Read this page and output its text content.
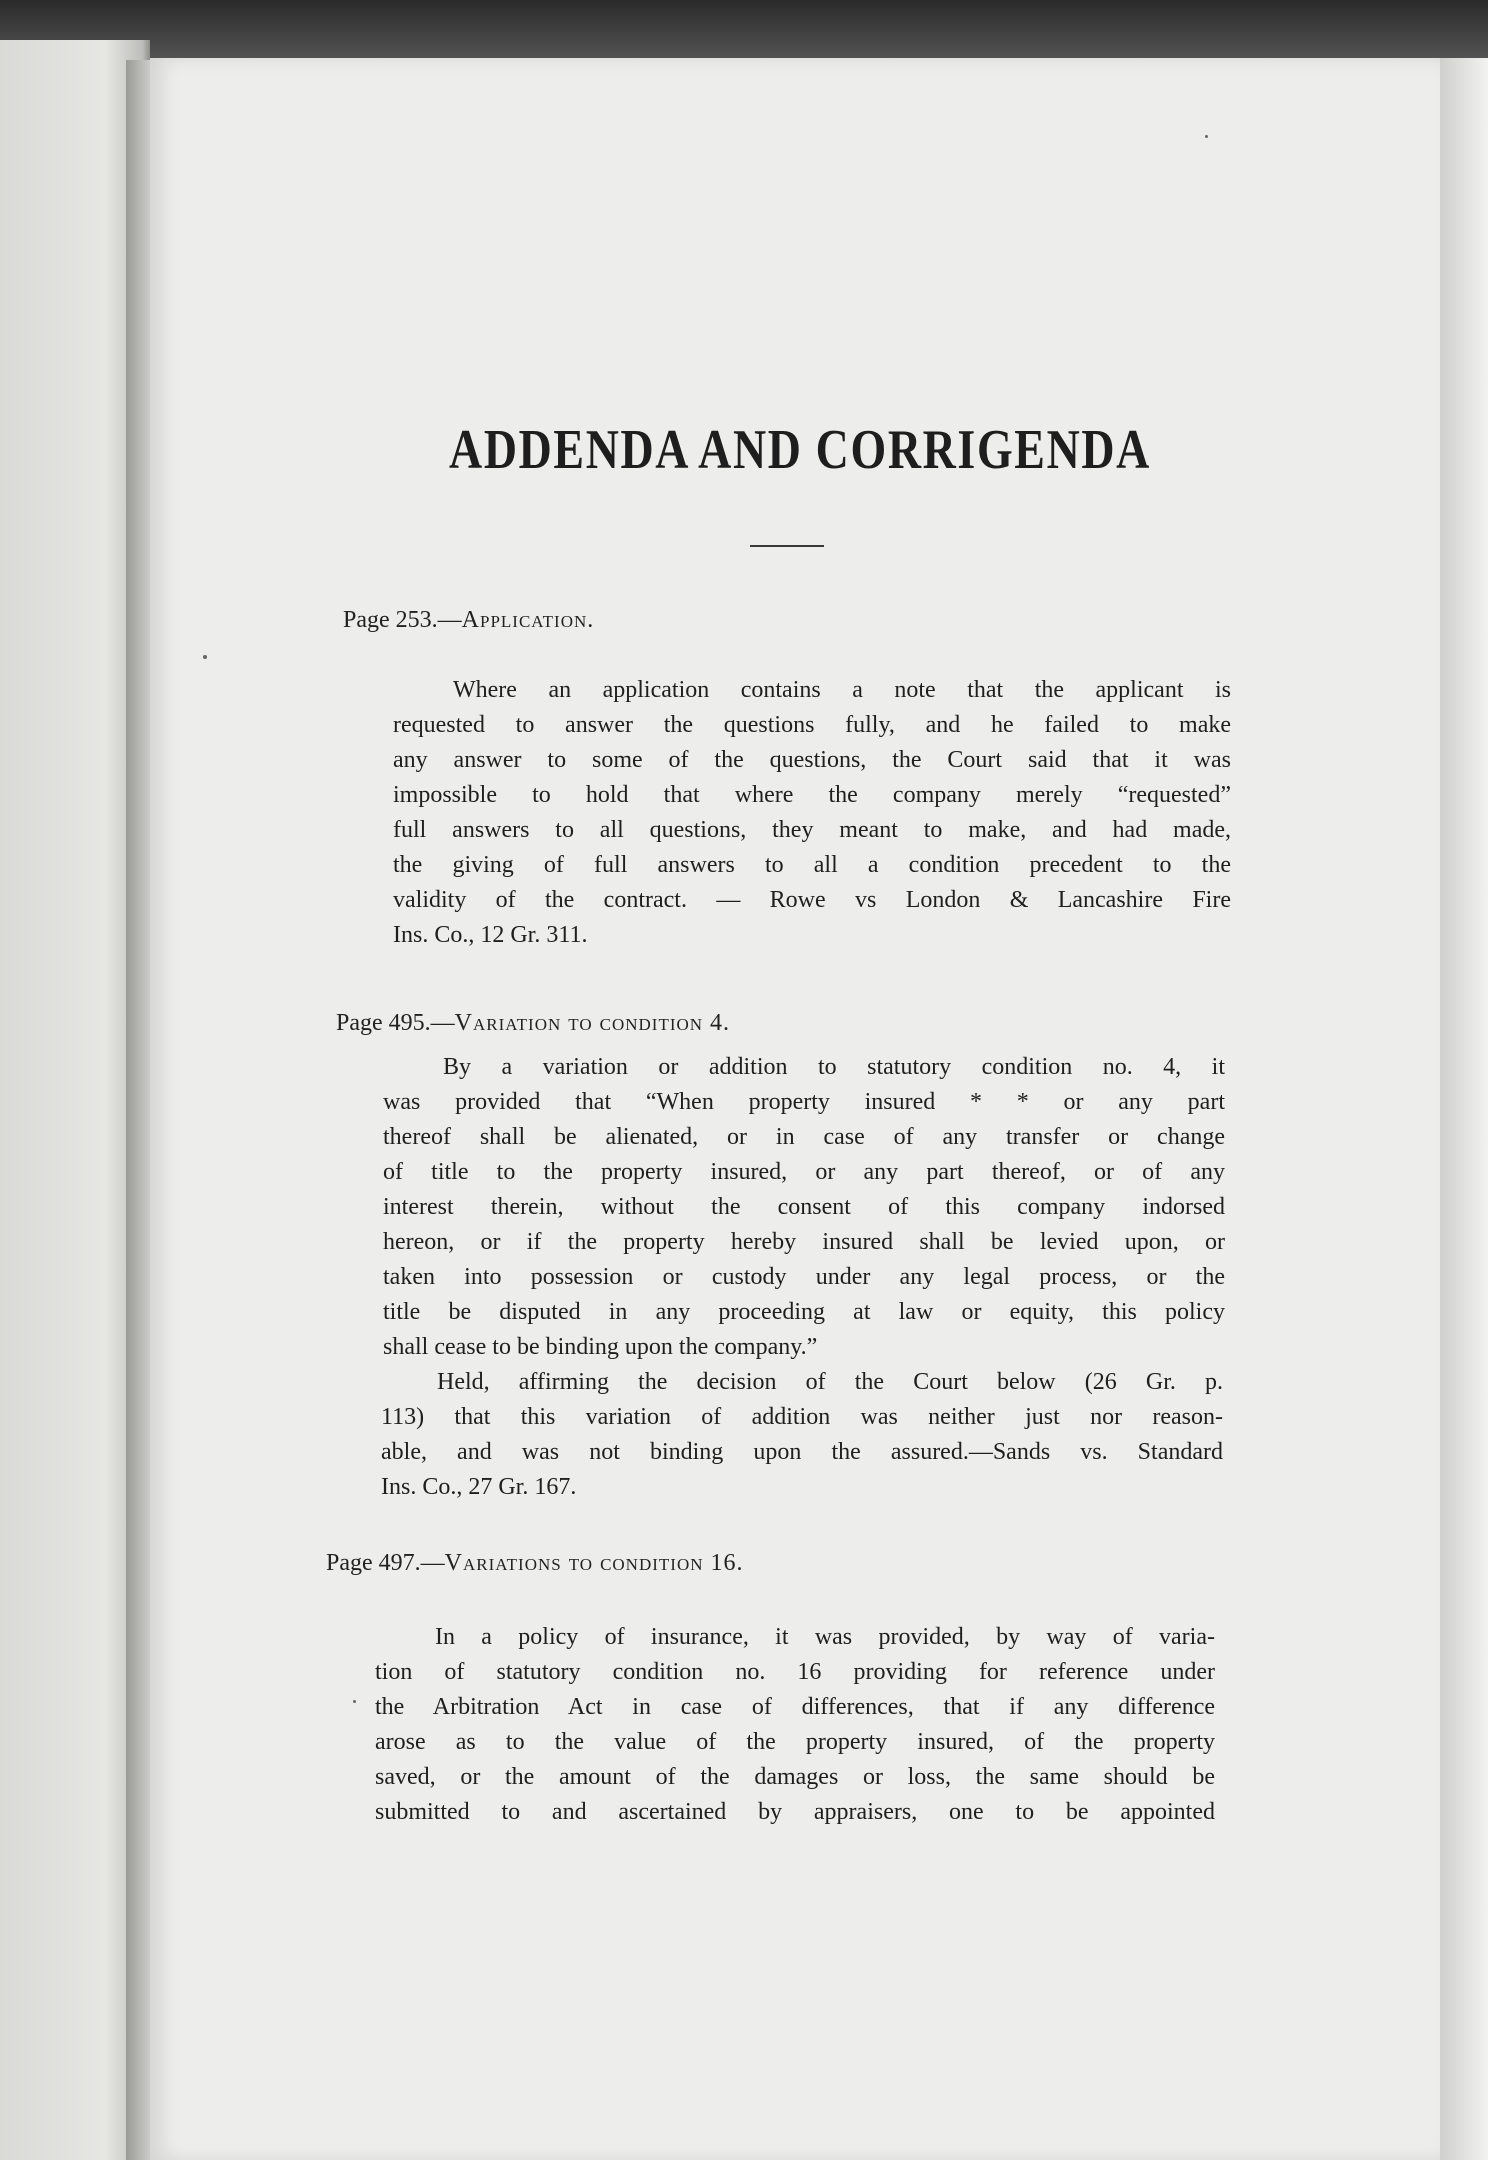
ADDENDA AND CORRIGENDA
Page 253.—Application.
Where an application contains a note that the applicant is
requested to answer the questions fully, and he failed to make
any answer to some of the questions, the Court said that it was
impossible to hold that where the company merely “requested”
full answers to all questions, they meant to make, and had made,
the giving of full answers to all a condition precedent to the
validity of the contract. — Rowe vs London & Lancashire Fire
Ins. Co., 12 Gr. 311.
Page 495.—Variation to condition 4.
By a variation or addition to statutory condition no. 4, it
was provided that “When property insured * * or any part
thereof shall be alienated, or in case of any transfer or change
of title to the property insured, or any part thereof, or of any
interest therein, without the consent of this company indorsed
hereon, or if the property hereby insured shall be levied upon, or
taken into possession or custody under any legal process, or the
title be disputed in any proceeding at law or equity, this policy
shall cease to be binding upon the company.”
Held, affirming the decision of the Court below (26 Gr. p.
113) that this variation of addition was neither just nor reason-
able, and was not binding upon the assured.—Sands vs. Standard
Ins. Co., 27 Gr. 167.
Page 497.—Variations to condition 16.
In a policy of insurance, it was provided, by way of varia-
tion of statutory condition no. 16 providing for reference under
the Arbitration Act in case of differences, that if any difference
arose as to the value of the property insured, of the property
saved, or the amount of the damages or loss, the same should be
submitted to and ascertained by appraisers, one to be appointed
